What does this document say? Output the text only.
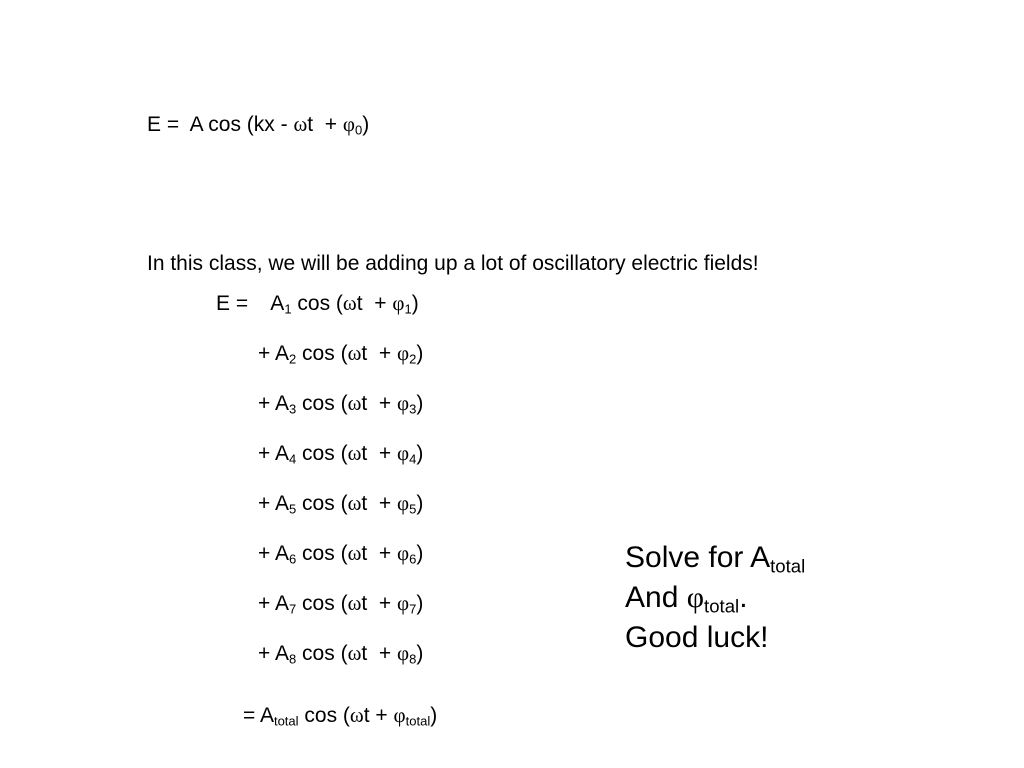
E =  A $\cos (kx - \omega t + \varphi_0)$
In this class, we will be adding up a lot of oscillatory electric fields!
E =    $A_1$ $\cos (\omega t + \varphi_1)$
+ $A_2$ $\cos (\omega t + \varphi_2)$
+ $A_3$ $\cos (\omega t + \varphi_3)$
+ $A_4$ $\cos (\omega t + \varphi_4)$
+ $A_5$ $\cos (\omega t + \varphi_5)$
+ $A_6$ $\cos (\omega t + \varphi_6)$
+ $A_7$ $\cos (\omega t + \varphi_7)$
+ $A_8$ $\cos (\omega t + \varphi_8)$
= $A_{total}$ $\cos (\omega t + \varphi_{total})$
Solve for $A_{total}$
And $\varphi_{total}$.
Good luck!
